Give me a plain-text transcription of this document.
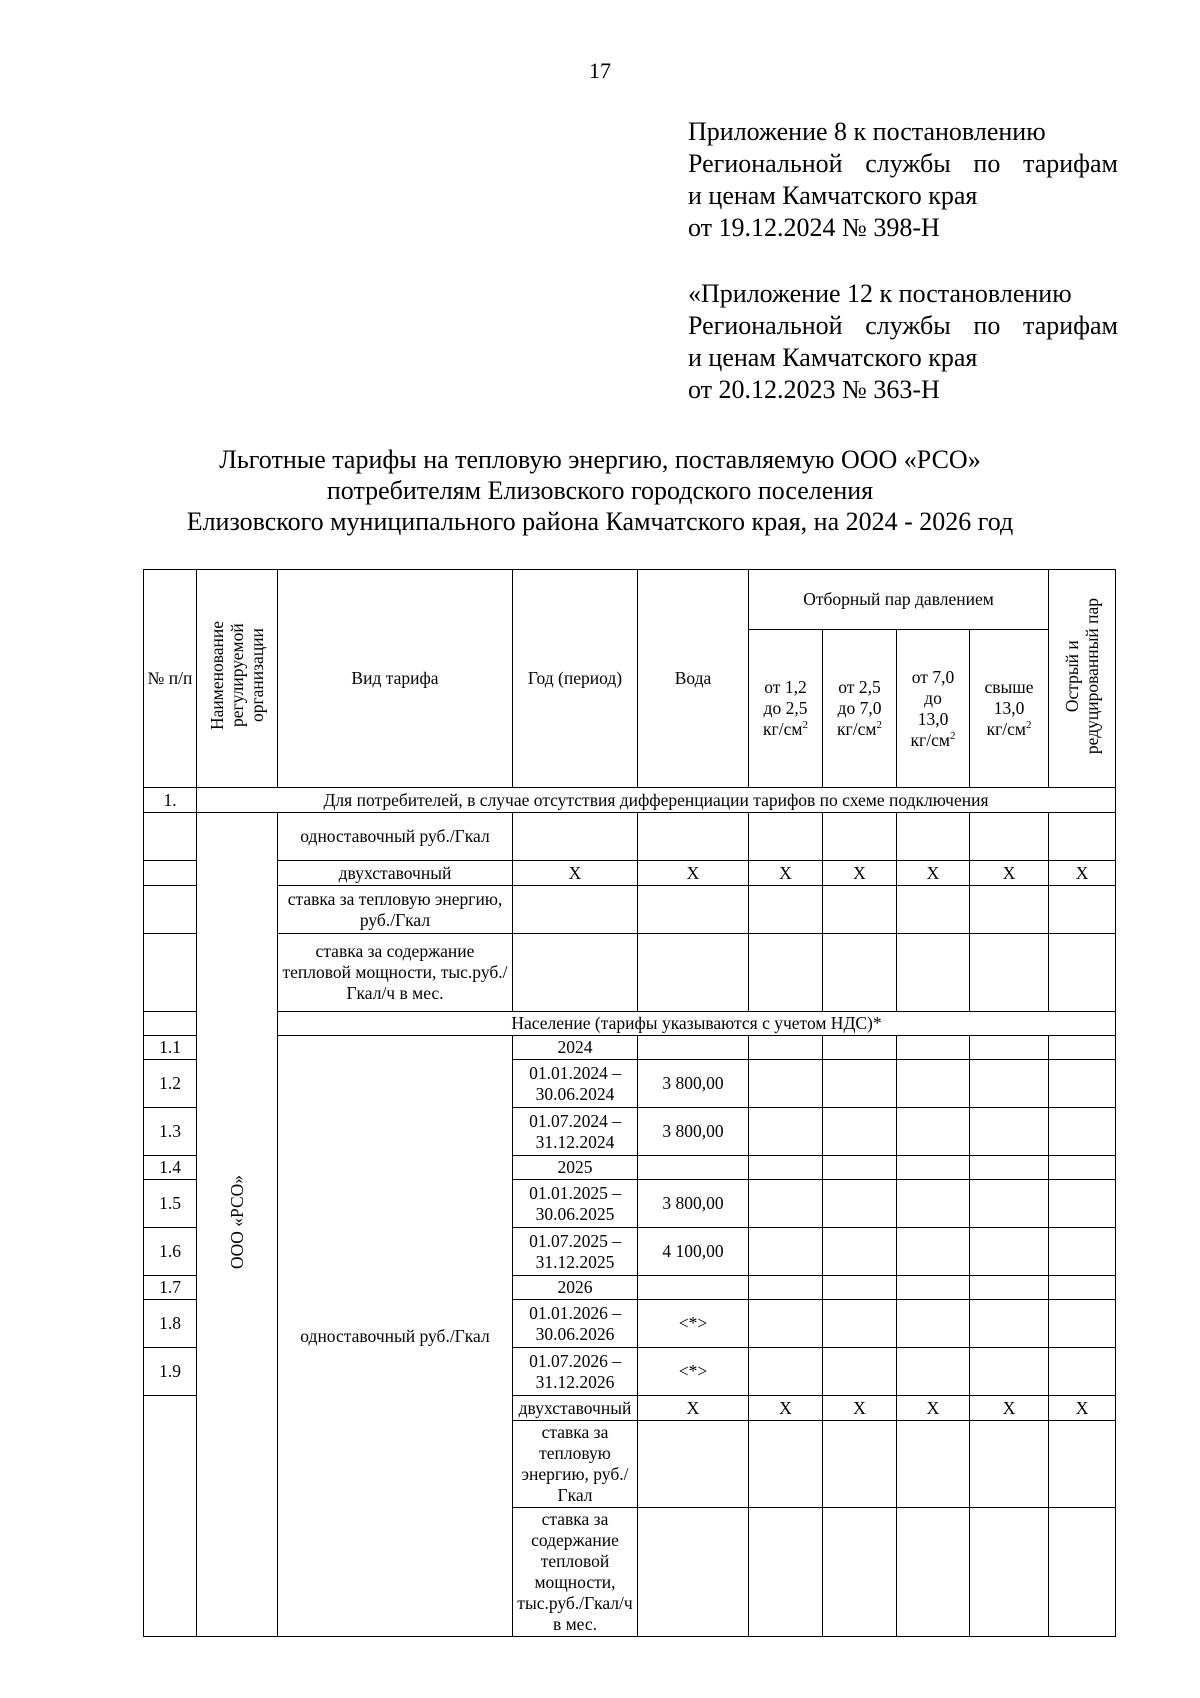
17
Приложение 8 к постановлению
Региональной службы по тарифам
и ценам Камчатского края
от 19.12.2024 № 398-Н
«Приложение 12 к постановлению
Региональной службы по тарифам
и ценам Камчатского края
от 20.12.2023 № 363-Н
Льготные тарифы на тепловую энергию, поставляемую ООО «РСО»
потребителям Елизовского городского поселения
Елизовского муниципального района Камчатского края, на 2024 - 2026 год
№ п/п	Наименование
регулируемой
организации	Вид тарифа	Год (период)	Вода	Отборный пар давлением				Острый и
редуцированный пар	
					от 1,2
до 2,5
$кг/см^2$	от 2,5
до 7,0
$кг/см^2$	от 7,0
до
13,0
$кг/см^2$	свыше
13,0
$кг/см^2$
1.	Для потребителей, в случае отсутствия дифференциации тарифов по схеме подключения									
	ООО «РСО»	одноставочный руб./Гкал								
		двухставочный	X	X	X	X	X	X	X	
		ставка за тепловую энергию, руб./Гкал								
		ставка за содержание тепловой мощности, тыс.руб./Гкал/ч в мес.								
		Население (тарифы указываются с учетом НДС)*								
1.1		одноставочный руб./Гкал	2024							
1.2			01.01.2024 – 30.06.2024	3 800,00						
1.3			01.07.2024 – 31.12.2024	3 800,00						
1.4			2025							
1.5			01.01.2025 – 30.06.2025	3 800,00						
1.6			01.07.2025 – 31.12.2025	4 100,00						
1.7			2026							
1.8			01.01.2026 – 30.06.2026	<*>						
1.9			01.07.2026 – 31.12.2026	<*>						
			двухставочный	X	X	X	X	X	X	
			ставка за тепловую энергию, руб./Гкал							
			ставка за содержание тепловой мощности, тыс.руб./Гкал/ч в мес.							
